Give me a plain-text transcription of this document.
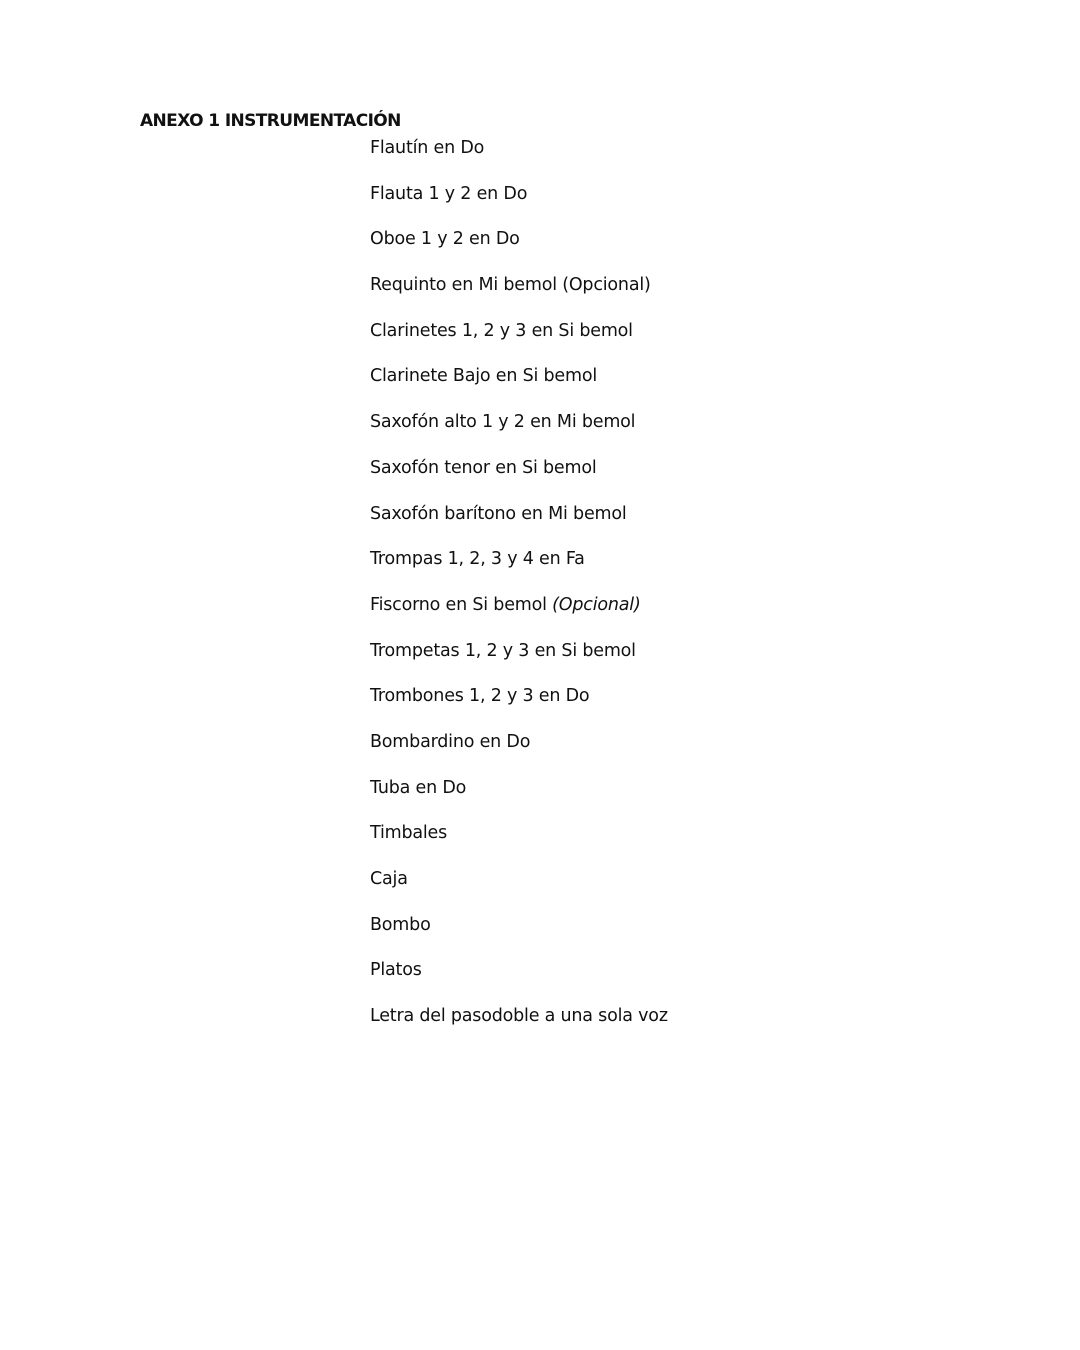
ANEXO 1 INSTRUMENTACIÓN
Flautín en Do
Flauta 1 y 2 en Do
Oboe 1 y 2 en Do
Requinto en Mi bemol (Opcional)
Clarinetes 1, 2 y 3 en Si bemol
Clarinete Bajo en Si bemol
Saxofón alto 1 y 2 en Mi bemol
Saxofón tenor en Si bemol
Saxofón barítono en Mi bemol
Trompas 1, 2, 3 y 4 en Fa
Fiscorno en Si bemol (Opcional)
Trompetas 1, 2 y 3 en Si bemol
Trombones 1, 2 y 3 en Do
Bombardino en Do
Tuba en Do
Timbales
Caja
Bombo
Platos
Letra del pasodoble a una sola voz
